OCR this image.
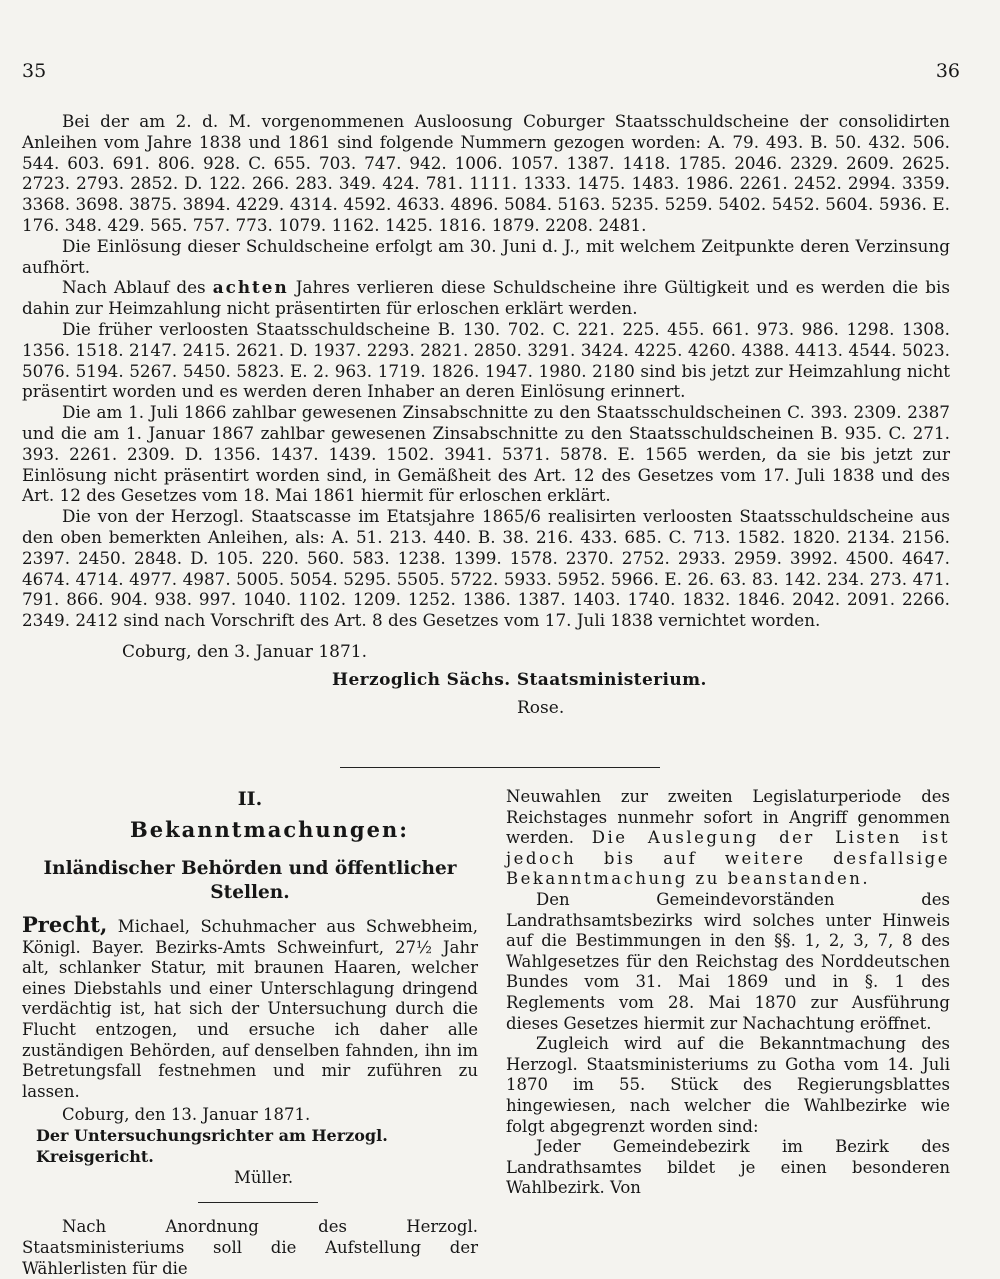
35	36

Bei der am 2. d. M. vorgenommenen Ausloosung Coburger Staatsschuldscheine der consolidirten Anleihen vom Jahre 1838 und 1861 sind folgende Nummern gezogen worden: A. 79. 493. B. 50. 432. 506. 544. 603. 691. 806. 928. C. 655. 703. 747. 942. 1006. 1057. 1387. 1418. 1785. 2046. 2329. 2609. 2625. 2723. 2793. 2852. D. 122. 266. 283. 349. 424. 781. 1111. 1333. 1475. 1483. 1986. 2261. 2452. 2994. 3359. 3368. 3698. 3875. 3894. 4229. 4314. 4592. 4633. 4896. 5084. 5163. 5235. 5259. 5402. 5452. 5604. 5936. E. 176. 348. 429. 565. 757. 773. 1079. 1162. 1425. 1816. 1879. 2208. 2481.

Die Einlösung dieser Schuldscheine erfolgt am 30. Juni d. J., mit welchem Zeitpunkte deren Verzinsung aufhört.

Nach Ablauf des achten Jahres verlieren diese Schuldscheine ihre Gültigkeit und es werden die bis dahin zur Heimzahlung nicht präsentirten für erloschen erklärt werden.

Die früher verloosten Staatsschuldscheine B. 130. 702. C. 221. 225. 455. 661. 973. 986. 1298. 1308. 1356. 1518. 2147. 2415. 2621. D. 1937. 2293. 2821. 2850. 3291. 3424. 4225. 4260. 4388. 4413. 4544. 5023. 5076. 5194. 5267. 5450. 5823. E. 2. 963. 1719. 1826. 1947. 1980. 2180 sind bis jetzt zur Heimzahlung nicht präsentirt worden und es werden deren Inhaber an deren Einlösung erinnert.

Die am 1. Juli 1866 zahlbar gewesenen Zinsabschnitte zu den Staatsschuldscheinen C. 393. 2309. 2387 und die am 1. Januar 1867 zahlbar gewesenen Zinsabschnitte zu den Staatsschuldscheinen B. 935. C. 271. 393. 2261. 2309. D. 1356. 1437. 1439. 1502. 3941. 5371. 5878. E. 1565 werden, da sie bis jetzt zur Einlösung nicht präsentirt worden sind, in Gemäßheit des Art. 12 des Gesetzes vom 17. Juli 1838 und des Art. 12 des Gesetzes vom 18. Mai 1861 hiermit für erloschen erklärt.

Die von der Herzogl. Staatscasse im Etatsjahre 1865/6 realisirten verloosten Staatsschuldscheine aus den oben bemerkten Anleihen, als: A. 51. 213. 440. B. 38. 216. 433. 685. C. 713. 1582. 1820. 2134. 2156. 2397. 2450. 2848. D. 105. 220. 560. 583. 1238. 1399. 1578. 2370. 2752. 2933. 2959. 3992. 4500. 4647. 4674. 4714. 4977. 4987. 5005. 5054. 5295. 5505. 5722. 5933. 5952. 5966. E. 26. 63. 83. 142. 234. 273. 471. 791. 866. 904. 938. 997. 1040. 1102. 1209. 1252. 1386. 1387. 1403. 1740. 1832. 1846. 2042. 2091. 2266. 2349. 2412 sind nach Vorschrift des Art. 8 des Gesetzes vom 17. Juli 1838 vernichtet worden.

Coburg, den 3. Januar 1871.
Herzoglich Sächs. Staatsministerium.
Rose.

II.

Bekanntmachungen:
Inländischer Behörden und öffentlicher Stellen.

Precht, Michael, Schuhmacher aus Schwebheim, Königl. Bayer. Bezirks-Amts Schweinfurt, 27½ Jahr alt, schlanker Statur, mit braunen Haaren, welcher eines Diebstahls und einer Unterschlagung dringend verdächtig ist, hat sich der Untersuchung durch die Flucht entzogen, und ersuche ich daher alle zuständigen Behörden, auf denselben fahnden, ihn im Betretungsfall festnehmen und mir zuführen zu lassen.

Coburg, den 13. Januar 1871.
Der Untersuchungsrichter am Herzogl. Kreisgericht.
Müller.

Nach Anordnung des Herzogl. Staatsministeriums soll die Aufstellung der Wählerlisten für die

Neuwahlen zur zweiten Legislaturperiode des Reichstages nunmehr sofort in Angriff genommen werden. Die Auslegung der Listen ist jedoch bis auf weitere desfallsige Bekanntmachung zu beanstanden.

Den Gemeindevorständen des Landrathsamtsbezirks wird solches unter Hinweis auf die Bestimmungen in den §§. 1, 2, 3, 7, 8 des Wahlgesetzes für den Reichstag des Norddeutschen Bundes vom 31. Mai 1869 und in §. 1 des Reglements vom 28. Mai 1870 zur Ausführung dieses Gesetzes hiermit zur Nachachtung eröffnet.

Zugleich wird auf die Bekanntmachung des Herzogl. Staatsministeriums zu Gotha vom 14. Juli 1870 im 55. Stück des Regierungsblattes hingewiesen, nach welcher die Wahlbezirke wie folgt abgegrenzt worden sind:

Jeder Gemeindebezirk im Bezirk des Landrathsamtes bildet je einen besonderen Wahlbezirk. Von
